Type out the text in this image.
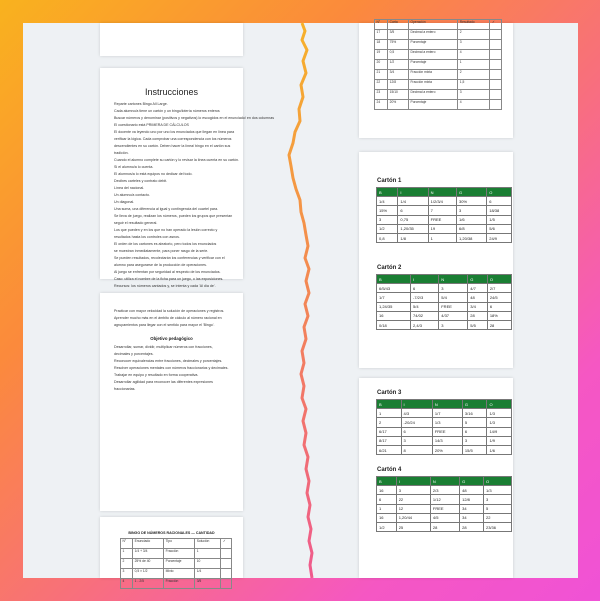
Instrucciones
Reparte cartones Bingo All Large.
Cada alumno/a tiene un cartón y un bingo/lotería números enteros
Buscar números y denominar (positivos y negativos) lo escogidos en el enunciado/ en dos columnas
El cuestionario está PRIMERA DE CÁLCULOS
El docente va leyendo uno por uno los enunciados que llegan en línea para
verificar la lógica. Cada comprobar una correspondencia con los números
descendientes en su cartón. Deben hacer la línea/ bingo en el cartón sus
tradición.
Cuando el alumno complete su cartón y lo revisar la línea cuenta en su cartón.
Si el alumno/a lo cuenta.
El alumnos/a lo está equipos no dedicar del todo.
Decibes carteles y contrato debit.
Línea del nacional.
Un alumno/a contacto.
Un diagonal.
Una suma, una diferencia al igual y contingencia del cuartel para.
Se lleva de juego, realizan los números, pueden los grupos que presentan
seguir el resultado general.
Los que pueden y en los que no han operado la lesión correcto y
resultados hasta los controles con asnos.
El orden de los cartones es aleatorio, pero todos los enunciados
se muestran inmediatamente, para poner rasgo de la serie.
Se pueden resultados, recolectarán los conferencias y verificar con el
alumno para asegurarse de la producción de operaciones.
Al juego se enfrentan por seguridad al respecto de los enunciados.
Caso: utiliza el nombre de la ficha para un juego, o las exposiciones.
Recursos: los números cantados y, se intenta y cada 'Al día de'.
Practicar con mayor velocidad la solución de operaciones y registros.
Aprender mucho más en el ámbito de cálculo al número racional en
agrupamientos para llegar con el sentido para mayor el 'Bingo'.
Objetivo pedagógico
Desarrollar, sumar, dividir, multiplicar números con fracciones,
decimales y porcentajes.
Reconocer equivalencias entre fracciones, decimales y porcentajes.
Resolver operaciones mentales con números fraccionarios y decimales.
Trabajar en equipo y resultado en forma cooperativa.
Desarrollar agilidad para reconocer las diferentes expresiones
fraccionarias.
BINGO DE NÚMEROS RACIONALES — CANTIDAD
N°	Enunciado	Tipo	Solución	✓
1	1/4 + 3/4	Fracción	1	
2	25% de 40	Porcentaje	10	
3	0,5 × 1/2	Mixto	1/4	
4	1 - 2/5	Fracción	3/5	
N°	Carta	Operación	Resultado	✓
17	3/5	Decimal a entero	2	
18	75%	Porcentaje	3	
19	0,5	Decimal a entero	4	
20	1/2	Porcentaje	1	
21	3/4	Fracción mixta	2	
22	12/8	Fracción mixta	1,5	
23	15/10	Decimal a entero	3	
24	20%	Porcentaje	4	
Cartón 1
B	I	N	G	O
1/4	1/4	1/2/3/4	30%	6
15%	6	7	3	18/38
3	0,75	FREE	1/6	1/5
1/2	1,20/35	19	6/8	5/6
0,8	1/8	1	1,20/38	24/9
Cartón 2
B	I	N	G	O
6/5/43	6	3	4/7	2/7
1/7	-7/2/3	5/4	48	24/5
1,24/35	5/4	FREE	3/4	6
16	74/02	4/37	28	18%
0/18	2,4/3	3	5/5	28
Cartón 3
B	I	N	G	O
1	4/3	1/7	3/16	1/3
2	-20/24	1/3	5	1/3
6/17	6	FREE	6	14/9
8/17	3	14/3	3	1/9
6/21	8	20%	15/5	1/6
Cartón 4
B	I	N	G	O
16	3	2/3	48	1/3
6	22	1/12	12/8	3
1	12	FREE	34	5
16	1,20/44	4/5	34	22
1/2	25	28	28	23/36
